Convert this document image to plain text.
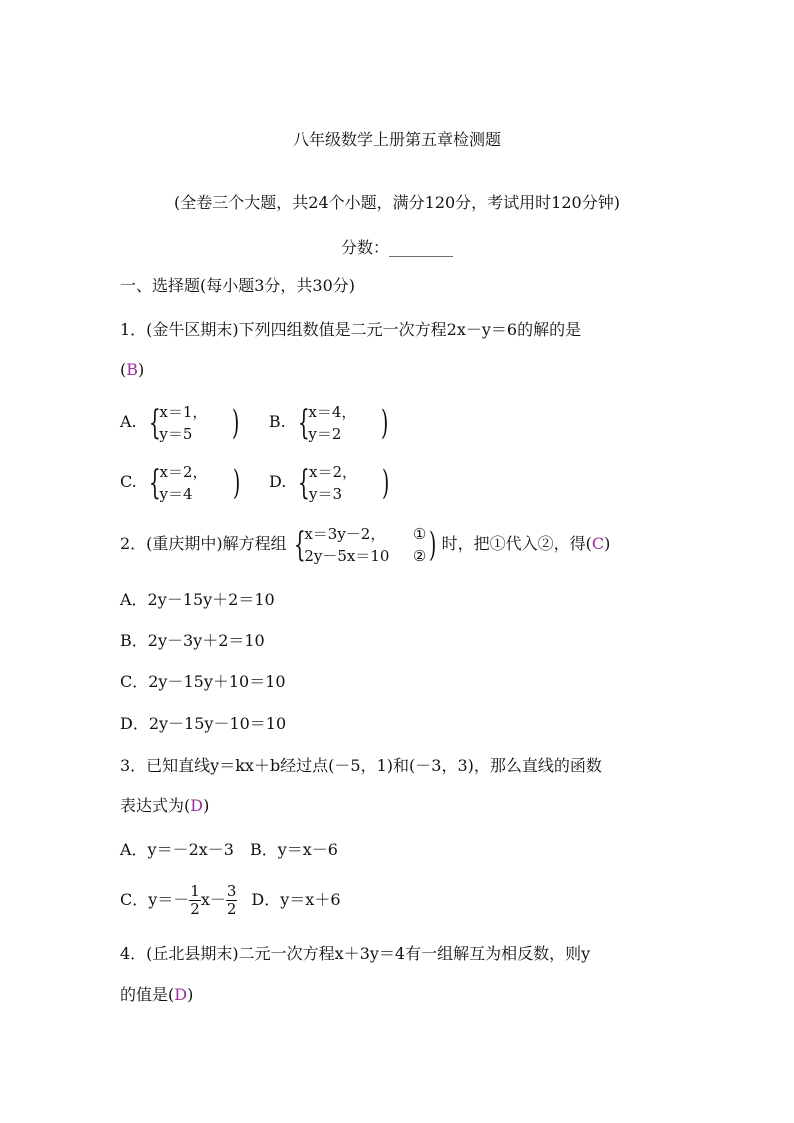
八年级数学上册第五章检测题
(全卷三个大题，共24个小题，满分120分，考试用时120分钟)
分数：________
一、选择题(每小题3分，共30分)
1．(金牛区期末)下列四组数值是二元一次方程2x－y＝6的解的是
(B)
A. {
x＝1，
y＝5	) B. {
x＝4，
y＝2	)
C. {
x＝2，
y＝4	) D. {
x＝2，
y＝3	)
2．(重庆期中)解方程组 {
x＝3y－2，
2y－5x＝10
①
② ) 时，把①代入②，得(C)
A．2y－15y＋2＝10
B．2y－3y＋2＝10
C．2y－15y＋10＝10
D．2y－15y－10＝10
3．已知直线y＝kx＋b经过点(－5，1)和(－3，3)，那么直线的函数
表达式为(D)
A．y＝－2x－3　B．y＝x－6
C．$y=- \frac{1}{2} x- \frac{3}{2}$ D．y＝x＋6
4．(丘北县期末)二元一次方程x＋3y＝4有一组解互为相反数，则y
的值是(D)
